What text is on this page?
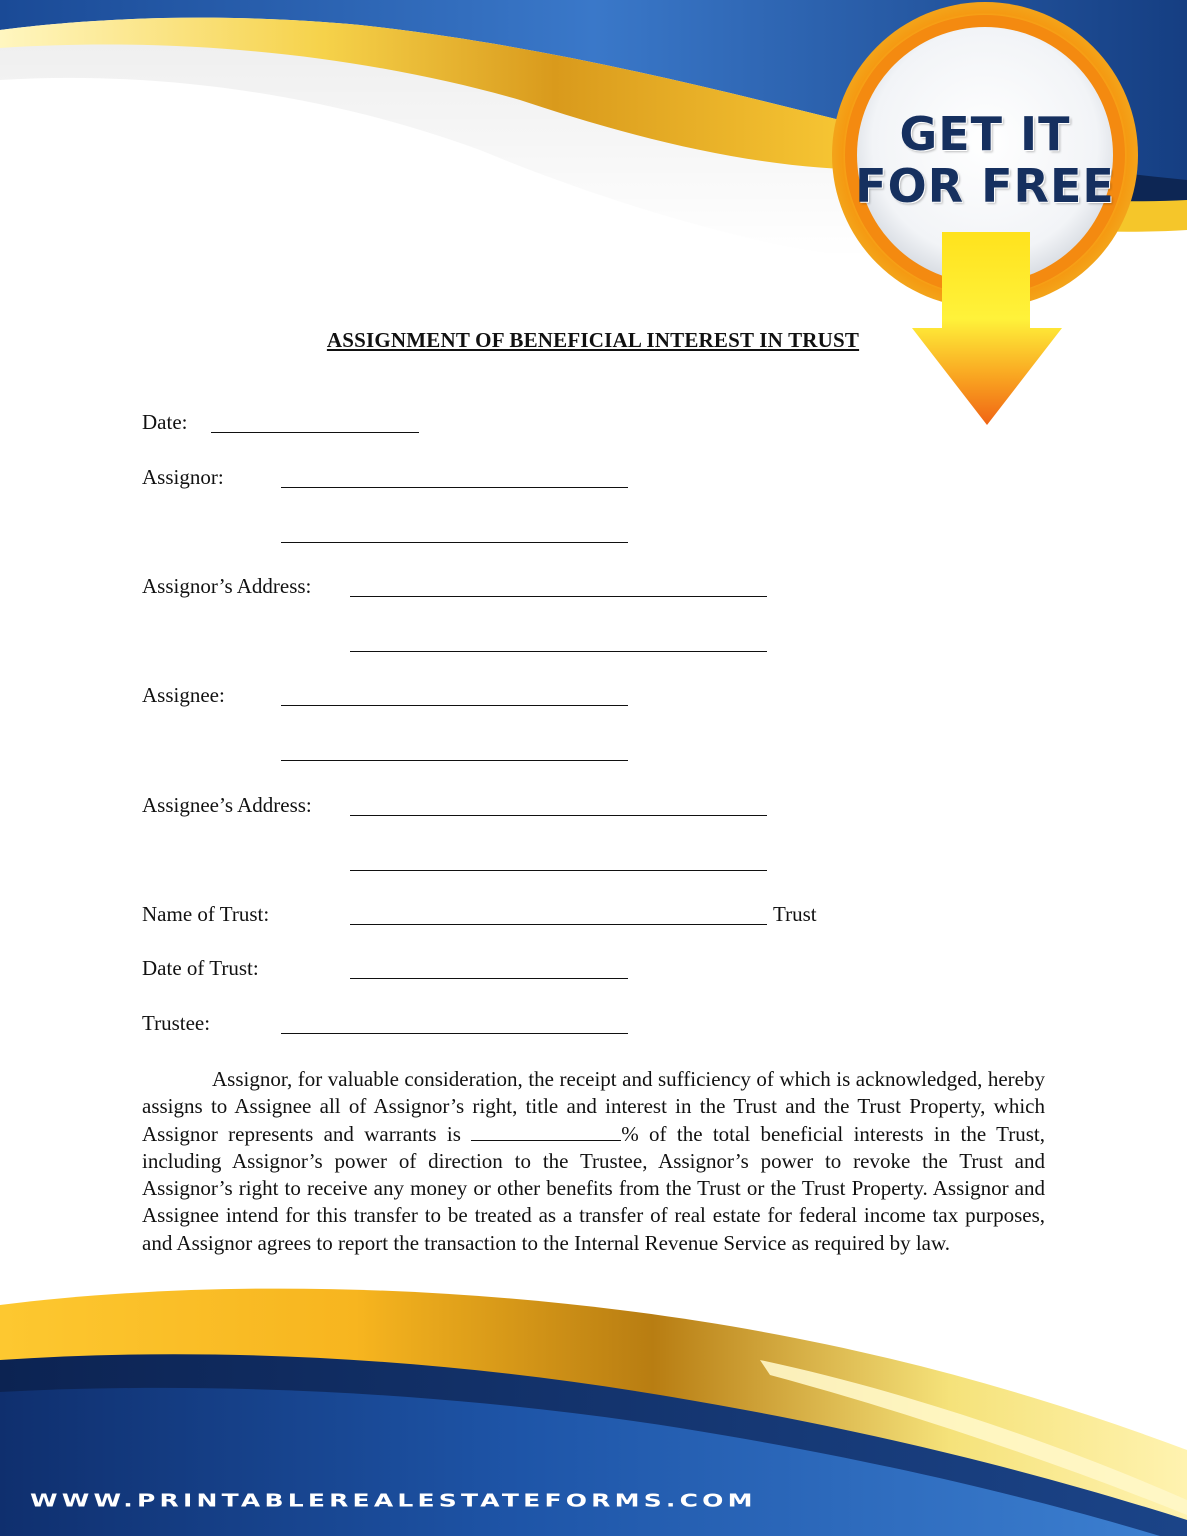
GET IT
FOR FREE
ASSIGNMENT OF BENEFICIAL INTEREST IN TRUST
Date:
Assignor:
Assignor’s Address:
Assignee:
Assignee’s Address:
Name of Trust:	Trust
Date of Trust:
Trustee:
Assignor, for valuable consideration, the receipt and sufficiency of which is acknowledged, hereby assigns to Assignee all of Assignor’s right, title and interest in the Trust and the Trust Property, which Assignor represents and warrants is	% of the total beneficial interests in the Trust, including Assignor’s power of direction to the Trustee, Assignor’s power to revoke the Trust and Assignor’s right to receive any money or other benefits from the Trust or the Trust Property. Assignor and Assignee intend for this transfer to be treated as a transfer of real estate for federal income tax purposes, and Assignor agrees to report the transaction to the Internal Revenue Service as required by law.
WWW.PRINTABLEREALESTATEFORMS.COM
